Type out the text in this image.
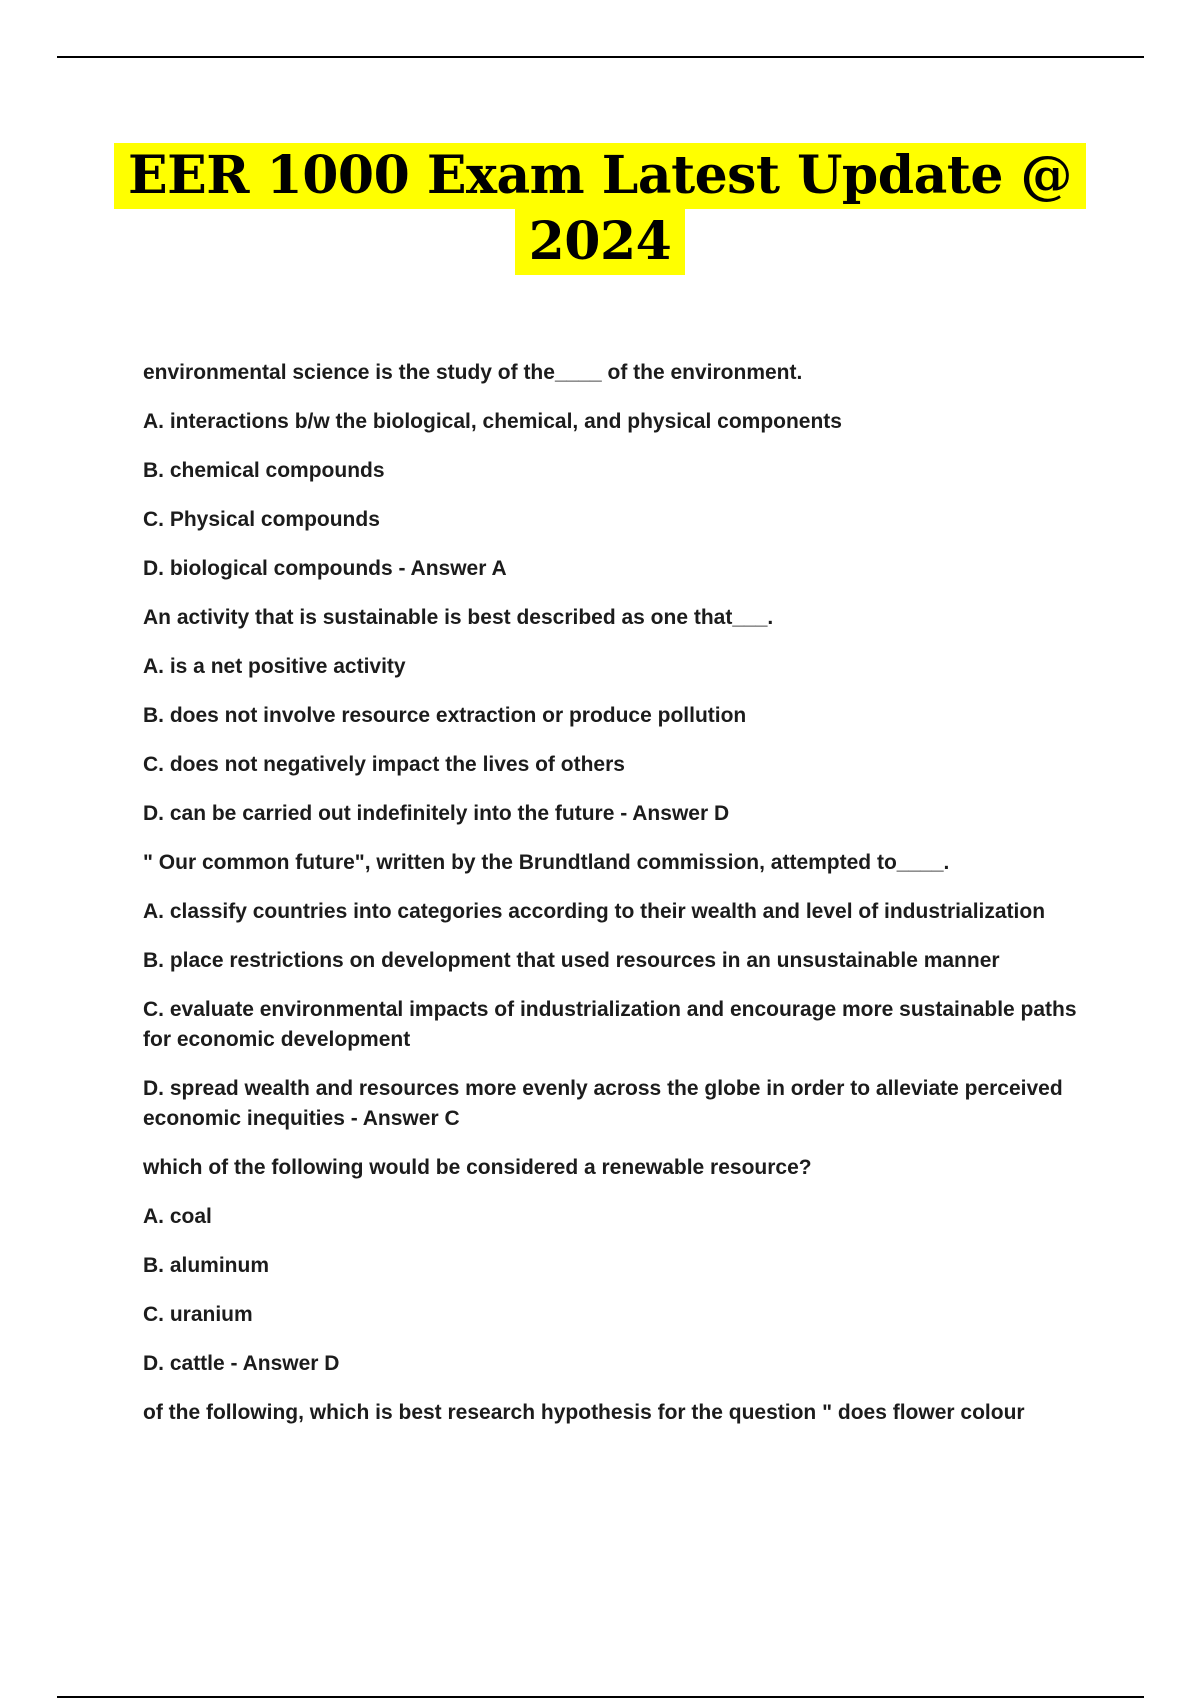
EER 1000 Exam Latest Update @
2024

environmental science is the study of the____ of the environment.

A. interactions b/w the biological, chemical, and physical components

B. chemical compounds

C. Physical compounds

D. biological compounds - Answer A

An activity that is sustainable is best described as one that___.

A. is a net positive activity

B. does not involve resource extraction or produce pollution

C. does not negatively impact the lives of others

D. can be carried out indefinitely into the future - Answer D

" Our common future", written by the Brundtland commission, attempted to____.

A. classify countries into categories according to their wealth and level of industrialization

B. place restrictions on development that used resources in an unsustainable manner

C. evaluate environmental impacts of industrialization and encourage more sustainable paths for economic development

D. spread wealth and resources more evenly across the globe in order to alleviate perceived economic inequities - Answer C

which of the following would be considered a renewable resource?

A. coal

B. aluminum

C. uranium

D. cattle - Answer D

of the following, which is best research hypothesis for the question " does flower colour
